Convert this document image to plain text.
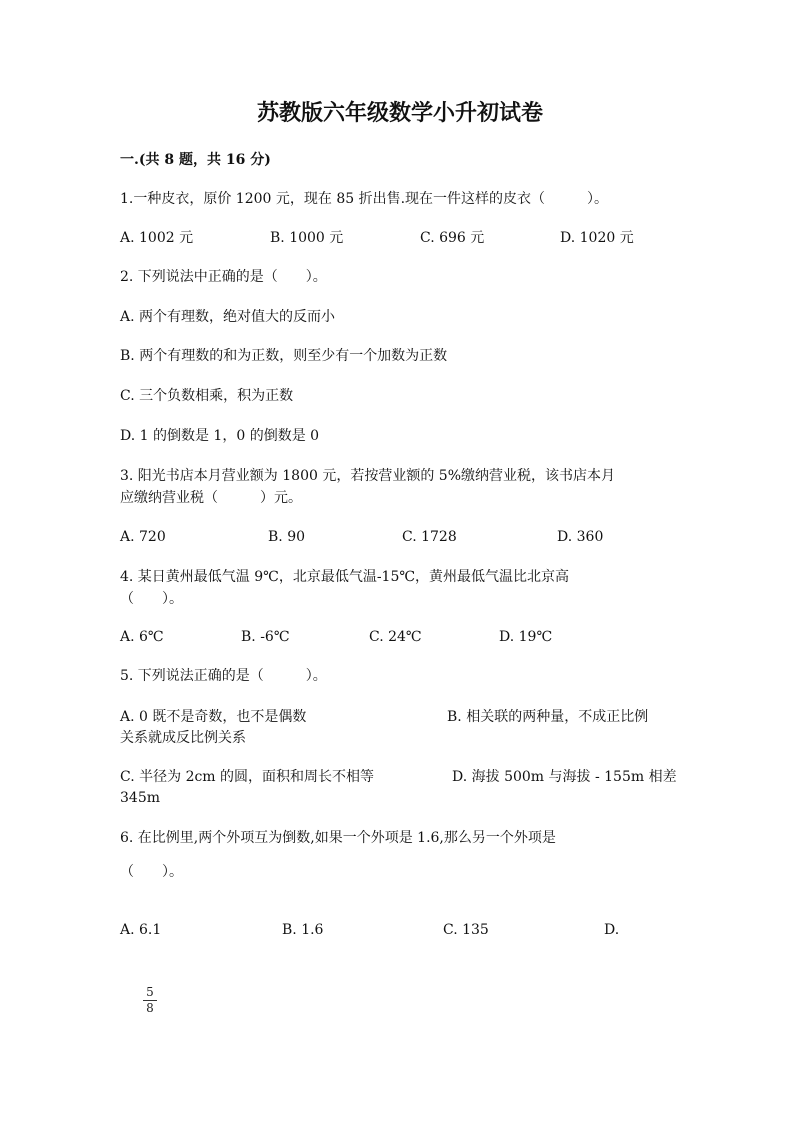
苏教版六年级数学小升初试卷
一.(共 8 题，共 16 分)
1.一种皮衣，原价 1200 元，现在 85 折出售.现在一件这样的皮衣（　　　）。
A. 1002 元	B. 1000 元	C. 696 元	D. 1020 元
2. 下列说法中正确的是（　　）。
A. 两个有理数，绝对值大的反而小
B. 两个有理数的和为正数，则至少有一个加数为正数
C. 三个负数相乘，积为正数
D. 1 的倒数是 1，0 的倒数是 0
3. 阳光书店本月营业额为 1800 元，若按营业额的 5%缴纳营业税，该书店本月
应缴纳营业税（　　　）元。
A. 720	B. 90	C. 1728	D. 360
4. 某日黄州最低气温 9℃，北京最低气温-15℃，黄州最低气温比北京高
（　　）。
A. 6℃	B. -6℃	C. 24℃	D. 19℃
5. 下列说法正确的是（　　　）。
A. 0 既不是奇数，也不是偶数	B. 相关联的两种量，不成正比例
关系就成反比例关系
C. 半径为 2cm 的圆，面积和周长不相等	D. 海拔 500m 与海拔 - 155m 相差
345m
6. 在比例里,两个外项互为倒数,如果一个外项是 1.6,那么另一个外项是
（　　）。
A. 6.1	B. 1.6	C. 135	D.
5
8
